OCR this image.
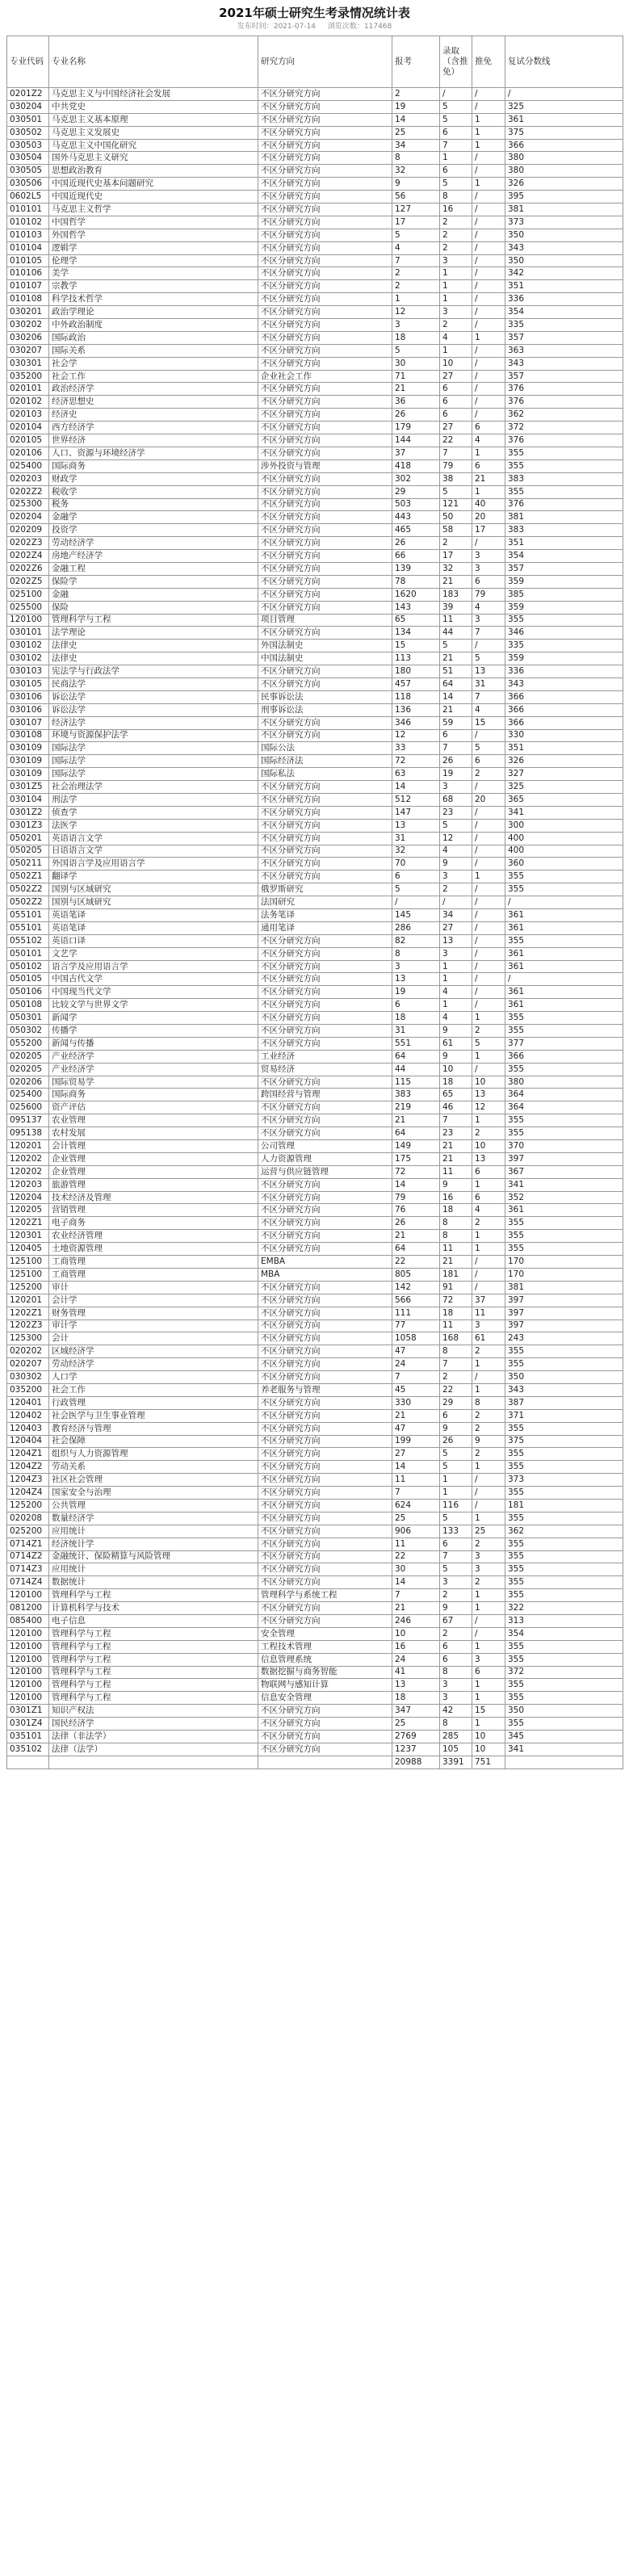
2021年硕士研究生考录情况统计表
发布时间：2021-07-14 浏览次数：117468
专业代码	专业名称	研究方向	报考	录取（含推免）	推免	复试分数线
0201Z2	马克思主义与中国经济社会发展	不区分研究方向	2	/	/	/
030204	中共党史	不区分研究方向	19	5	/	325
030501	马克思主义基本原理	不区分研究方向	14	5	1	361
030502	马克思主义发展史	不区分研究方向	25	6	1	375
030503	马克思主义中国化研究	不区分研究方向	34	7	1	366
030504	国外马克思主义研究	不区分研究方向	8	1	/	380
030505	思想政治教育	不区分研究方向	32	6	/	380
030506	中国近现代史基本问题研究	不区分研究方向	9	5	1	326
0602L5	中国近现代史	不区分研究方向	56	8	/	395
010101	马克思主义哲学	不区分研究方向	127	16	/	381
010102	中国哲学	不区分研究方向	17	2	/	373
010103	外国哲学	不区分研究方向	5	2	/	350
010104	逻辑学	不区分研究方向	4	2	/	343
010105	伦理学	不区分研究方向	7	3	/	350
010106	美学	不区分研究方向	2	1	/	342
010107	宗教学	不区分研究方向	2	1	/	351
010108	科学技术哲学	不区分研究方向	1	1	/	336
030201	政治学理论	不区分研究方向	12	3	/	354
030202	中外政治制度	不区分研究方向	3	2	/	335
030206	国际政治	不区分研究方向	18	4	1	357
030207	国际关系	不区分研究方向	5	1	/	363
030301	社会学	不区分研究方向	30	10	/	343
035200	社会工作	企业社会工作	71	27	/	357
020101	政治经济学	不区分研究方向	21	6	/	376
020102	经济思想史	不区分研究方向	36	6	/	376
020103	经济史	不区分研究方向	26	6	/	362
020104	西方经济学	不区分研究方向	179	27	6	372
020105	世界经济	不区分研究方向	144	22	4	376
020106	人口、资源与环境经济学	不区分研究方向	37	7	1	355
025400	国际商务	涉外投资与管理	418	79	6	355
020203	财政学	不区分研究方向	302	38	21	383
0202Z2	税收学	不区分研究方向	29	5	1	355
025300	税务	不区分研究方向	503	121	40	376
020204	金融学	不区分研究方向	443	50	20	381
020209	投资学	不区分研究方向	465	58	17	383
0202Z3	劳动经济学	不区分研究方向	26	2	/	351
0202Z4	房地产经济学	不区分研究方向	66	17	3	354
0202Z6	金融工程	不区分研究方向	139	32	3	357
0202Z5	保险学	不区分研究方向	78	21	6	359
025100	金融	不区分研究方向	1620	183	79	385
025500	保险	不区分研究方向	143	39	4	359
120100	管理科学与工程	项目管理	65	11	3	355
030101	法学理论	不区分研究方向	134	44	7	346
030102	法律史	外国法制史	15	5	/	335
030102	法律史	中国法制史	113	21	5	359
030103	宪法学与行政法学	不区分研究方向	180	51	13	336
030105	民商法学	不区分研究方向	457	64	31	343
030106	诉讼法学	民事诉讼法	118	14	7	366
030106	诉讼法学	刑事诉讼法	136	21	4	366
030107	经济法学	不区分研究方向	346	59	15	366
030108	环境与资源保护法学	不区分研究方向	12	6	/	330
030109	国际法学	国际公法	33	7	5	351
030109	国际法学	国际经济法	72	26	6	326
030109	国际法学	国际私法	63	19	2	327
0301Z5	社会治理法学	不区分研究方向	14	3	/	325
030104	刑法学	不区分研究方向	512	68	20	365
0301Z2	侦查学	不区分研究方向	147	23	/	341
0301Z3	法医学	不区分研究方向	13	5	/	300
050201	英语语言文学	不区分研究方向	31	12	/	400
050205	日语语言文学	不区分研究方向	32	4	/	400
050211	外国语言学及应用语言学	不区分研究方向	70	9	/	360
0502Z1	翻译学	不区分研究方向	6	3	1	355
0502Z2	国别与区域研究	俄罗斯研究	5	2	/	355
0502Z2	国别与区域研究	法国研究	/	/	/	/
055101	英语笔译	法务笔译	145	34	/	361
055101	英语笔译	通用笔译	286	27	/	361
055102	英语口译	不区分研究方向	82	13	/	355
050101	文艺学	不区分研究方向	8	3	/	361
050102	语言学及应用语言学	不区分研究方向	3	1	/	361
050105	中国古代文学	不区分研究方向	13	1	/	/
050106	中国现当代文学	不区分研究方向	19	4	/	361
050108	比较文学与世界文学	不区分研究方向	6	1	/	361
050301	新闻学	不区分研究方向	18	4	1	355
050302	传播学	不区分研究方向	31	9	2	355
055200	新闻与传播	不区分研究方向	551	61	5	377
020205	产业经济学	工业经济	64	9	1	366
020205	产业经济学	贸易经济	44	10	/	355
020206	国际贸易学	不区分研究方向	115	18	10	380
025400	国际商务	跨国经营与管理	383	65	13	364
025600	资产评估	不区分研究方向	219	46	12	364
095137	农业管理	不区分研究方向	21	7	1	355
095138	农村发展	不区分研究方向	64	23	2	355
120201	会计管理	公司管理	149	21	10	370
120202	企业管理	人力资源管理	175	21	13	397
120202	企业管理	运营与供应链管理	72	11	6	367
120203	旅游管理	不区分研究方向	14	9	1	341
120204	技术经济及管理	不区分研究方向	79	16	6	352
120205	营销管理	不区分研究方向	76	18	4	361
1202Z1	电子商务	不区分研究方向	26	8	2	355
120301	农业经济管理	不区分研究方向	21	8	1	355
120405	土地资源管理	不区分研究方向	64	11	1	355
125100	工商管理	EMBA	22	21	/	170
125100	工商管理	MBA	805	181	/	170
125200	审计	不区分研究方向	142	91	/	381
120201	会计学	不区分研究方向	566	72	37	397
1202Z1	财务管理	不区分研究方向	111	18	11	397
1202Z3	审计学	不区分研究方向	77	11	3	397
125300	会计	不区分研究方向	1058	168	61	243
020202	区域经济学	不区分研究方向	47	8	2	355
020207	劳动经济学	不区分研究方向	24	7	1	355
030302	人口学	不区分研究方向	7	2	/	350
035200	社会工作	养老服务与管理	45	22	1	343
120401	行政管理	不区分研究方向	330	29	8	387
120402	社会医学与卫生事业管理	不区分研究方向	21	6	2	371
120403	教育经济与管理	不区分研究方向	47	9	2	355
120404	社会保障	不区分研究方向	199	26	9	375
1204Z1	组织与人力资源管理	不区分研究方向	27	5	2	355
1204Z2	劳动关系	不区分研究方向	14	5	1	355
1204Z3	社区社会管理	不区分研究方向	11	1	/	373
1204Z4	国家安全与治理	不区分研究方向	7	1	/	355
125200	公共管理	不区分研究方向	624	116	/	181
020208	数量经济学	不区分研究方向	25	5	1	355
025200	应用统计	不区分研究方向	906	133	25	362
0714Z1	经济统计学	不区分研究方向	11	6	2	355
0714Z2	金融统计、保险精算与风险管理	不区分研究方向	22	7	3	355
0714Z3	应用统计	不区分研究方向	30	5	3	355
0714Z4	数据统计	不区分研究方向	14	3	2	355
120100	管理科学与工程	管理科学与系统工程	7	2	1	355
081200	计算机科学与技术	不区分研究方向	21	9	1	322
085400	电子信息	不区分研究方向	246	67	/	313
120100	管理科学与工程	安全管理	10	2	/	354
120100	管理科学与工程	工程技术管理	16	6	1	355
120100	管理科学与工程	信息管理系统	24	6	3	355
120100	管理科学与工程	数据挖掘与商务智能	41	8	6	372
120100	管理科学与工程	物联网与感知计算	13	3	1	355
120100	管理科学与工程	信息安全管理	18	3	1	355
0301Z1	知识产权法	不区分研究方向	347	42	15	350
0301Z4	国民经济学	不区分研究方向	25	8	1	355
035101	法律（非法学）	不区分研究方向	2769	285	10	345
035102	法律（法学）	不区分研究方向	1237	105	10	341
			20988	3391	751	
